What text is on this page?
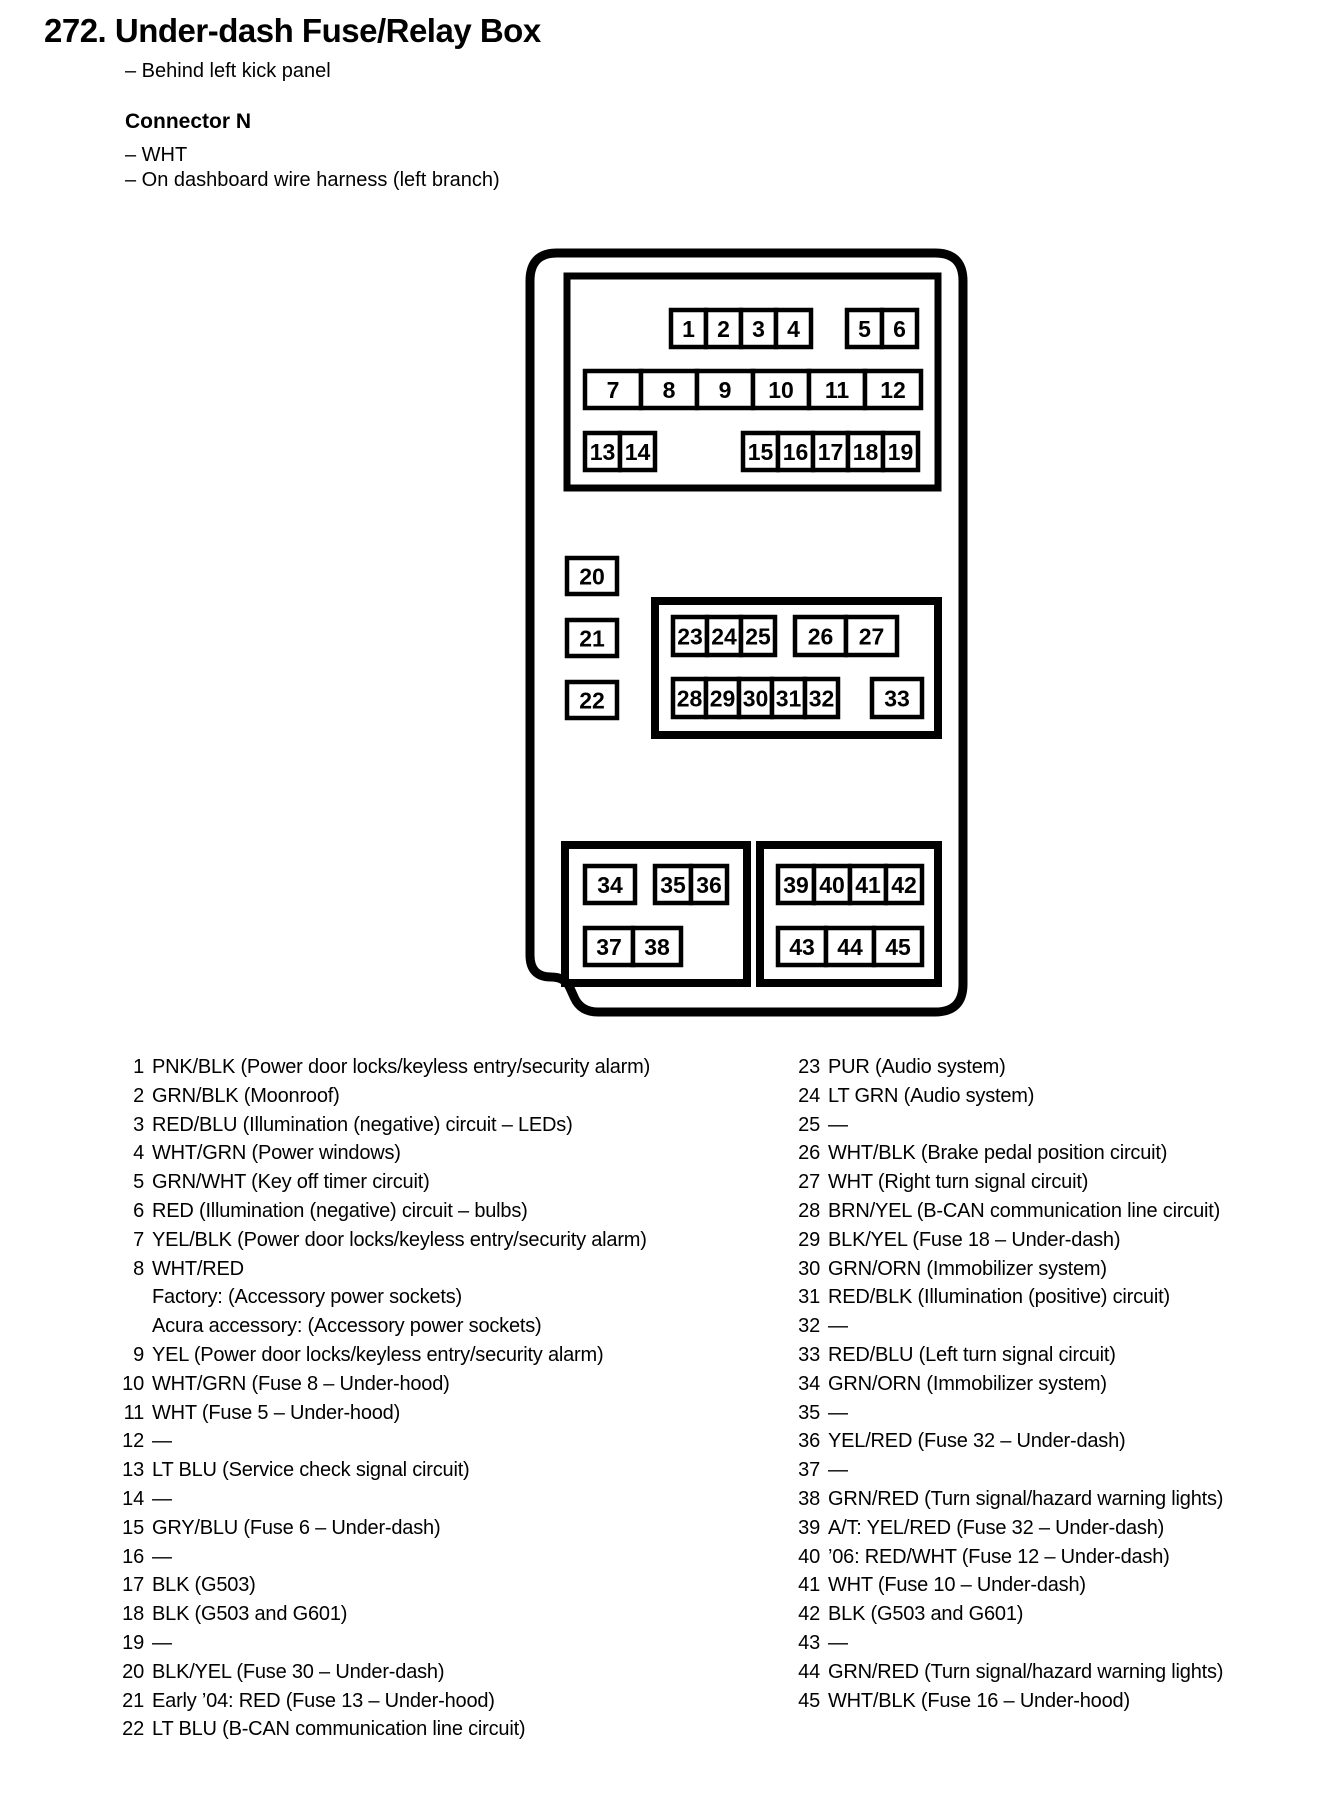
272. Under-dash Fuse/Relay Box
– Behind left kick panel
Connector N
– WHT
– On dashboard wire harness (left branch)
1 2 3 4	5 6
7 8 9 10 11 12
13 14	15 16 17 18 19
20
21
22
23 24 25 26 27
28 29 30 31 32 33
34 35 36
37 38
39 40 41 42
43 44 45
1 PNK/BLK (Power door locks/keyless entry/security alarm)
2 GRN/BLK (Moonroof)
3 RED/BLU (Illumination (negative) circuit – LEDs)
4 WHT/GRN (Power windows)
5 GRN/WHT (Key off timer circuit)
6 RED (Illumination (negative) circuit – bulbs)
7 YEL/BLK (Power door locks/keyless entry/security alarm)
8 WHT/RED
Factory: (Accessory power sockets)
Acura accessory: (Accessory power sockets)
9 YEL (Power door locks/keyless entry/security alarm)
10 WHT/GRN (Fuse 8 – Under-hood)
11 WHT (Fuse 5 – Under-hood)
12 —
13 LT BLU (Service check signal circuit)
14 —
15 GRY/BLU (Fuse 6 – Under-dash)
16 —
17 BLK (G503)
18 BLK (G503 and G601)
19 —
20 BLK/YEL (Fuse 30 – Under-dash)
21 Early ’04: RED (Fuse 13 – Under-hood)
22 LT BLU (B-CAN communication line circuit)
23 PUR (Audio system)
24 LT GRN (Audio system)
25 —
26 WHT/BLK (Brake pedal position circuit)
27 WHT (Right turn signal circuit)
28 BRN/YEL (B-CAN communication line circuit)
29 BLK/YEL (Fuse 18 – Under-dash)
30 GRN/ORN (Immobilizer system)
31 RED/BLK (Illumination (positive) circuit)
32 —
33 RED/BLU (Left turn signal circuit)
34 GRN/ORN (Immobilizer system)
35 —
36 YEL/RED (Fuse 32 – Under-dash)
37 —
38 GRN/RED (Turn signal/hazard warning lights)
39 A/T: YEL/RED (Fuse 32 – Under-dash)
40 ’06: RED/WHT (Fuse 12 – Under-dash)
41 WHT (Fuse 10 – Under-dash)
42 BLK (G503 and G601)
43 —
44 GRN/RED (Turn signal/hazard warning lights)
45 WHT/BLK (Fuse 16 – Under-hood)
